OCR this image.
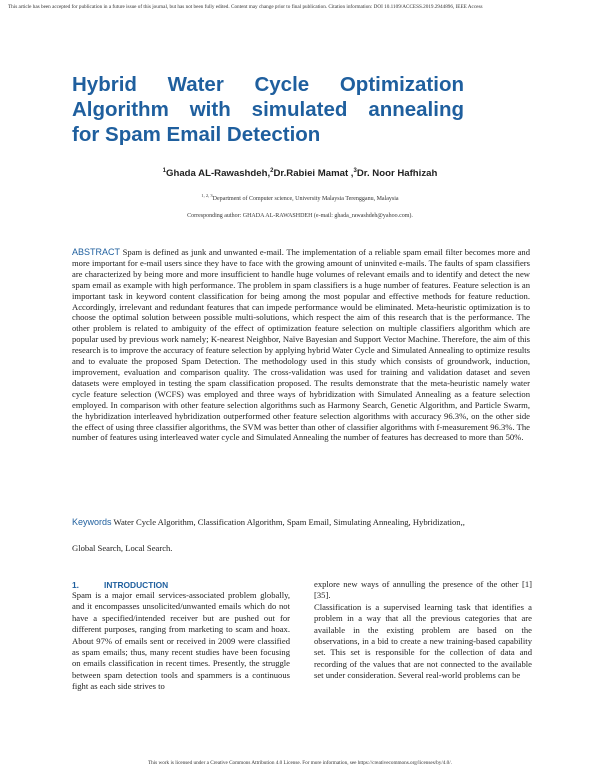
This article has been accepted for publication in a future issue of this journal, but has not been fully edited. Content may change prior to final publication. Citation information: DOI 10.1109/ACCESS.2019.2944896, IEEE Access
Hybrid Water Cycle Optimization
Algorithm with simulated annealing
for Spam Email Detection
$^1$Ghada AL-Rawashdeh,$^2$Dr.Rabiei Mamat ,$^3$Dr. Noor Hafhizah
$^{1, 2, 3}$Department of Computer science, University Malaysia Terengganu, Malaysia
Corresponding author: GHADA AL-RAWASHDEH (e-mail: ghada_rawashdeh@yahoo.com).
ABSTRACT Spam is defined as junk and unwanted e-mail. The implementation of a reliable spam email filter becomes more and more important for e-mail users since they have to face with the growing amount of uninvited e-mails. The faults of spam classifiers are characterized by being more and more insufficient to handle huge volumes of relevant emails and to identify and detect the new spam email as example with high performance. The problem in spam classifiers is a huge number of features. Feature selection is an important task in keyword content classification for being among the most popular and effective methods for feature reduction. Accordingly, irrelevant and redundant features that can impede performance would be eliminated. Meta-heuristic optimization is to choose the optimal solution between possible multi-solutions, which respect the aim of this research that is the performance. The other problem is related to ambiguity of the effect of optimization feature selection on multiple classifiers algorithm which are popular used by previous work namely; K-nearest Neighbor, Naïve Bayesian and Support Vector Machine. Therefore, the aim of this research is to improve the accuracy of feature selection by applying hybrid Water Cycle and Simulated Annealing to optimize results and to evaluate the proposed Spam Detection. The methodology used in this study which consists of groundwork, induction, improvement, evaluation and comparison quality. The cross-validation was used for training and validation dataset and seven datasets were employed in testing the spam classification proposed. The results demonstrate that the meta-heuristic namely water cycle feature selection (WCFS) was employed and three ways of hybridization with Simulated Annealing as a feature selection employed. In comparison with other feature selection algorithms such as Harmony Search, Genetic Algorithm, and Particle Swarm, the hybridization interleaved hybridization outperformed other feature selection algorithms with accuracy 96.3%, on the other side the effect of using three classifier algorithms, the SVM was better than other of classifier algorithms with f-measurement 96.3%. The number of features using interleaved water cycle and Simulated Annealing the number of features has decreased to more than 50%.
Keywords Water Cycle Algorithm, Classification Algorithm, Spam Email, Simulating Annealing, Hybridization,,
Global Search, Local Search.
1.	INTRODUCTION
Spam is a major email services-associated problem globally, and it encompasses unsolicited/unwanted emails which do not have a specified/intended receiver but are pushed out for different purposes, ranging from marketing to scam and hoax. About 97% of emails sent or received in 2009 were classified as spam emails; thus, many recent studies have been focusing on emails classification in recent times. Presently, the struggle between spam detection tools and spammers is a continuous fight as each side strives to
explore new ways of annulling the presence of the other [1][35].
Classification is a supervised learning task that identifies a problem in a way that all the previous categories that are available in the existing problem are based on the observations, in a bid to create a new training-based capability set. This set is responsible for the collection of data and recording of the values that are not connected to the available set under consideration. Several real-world problems can be
This work is licensed under a Creative Commons Attribution 4.0 License. For more information, see https://creativecommons.org/licenses/by/4.0/.
